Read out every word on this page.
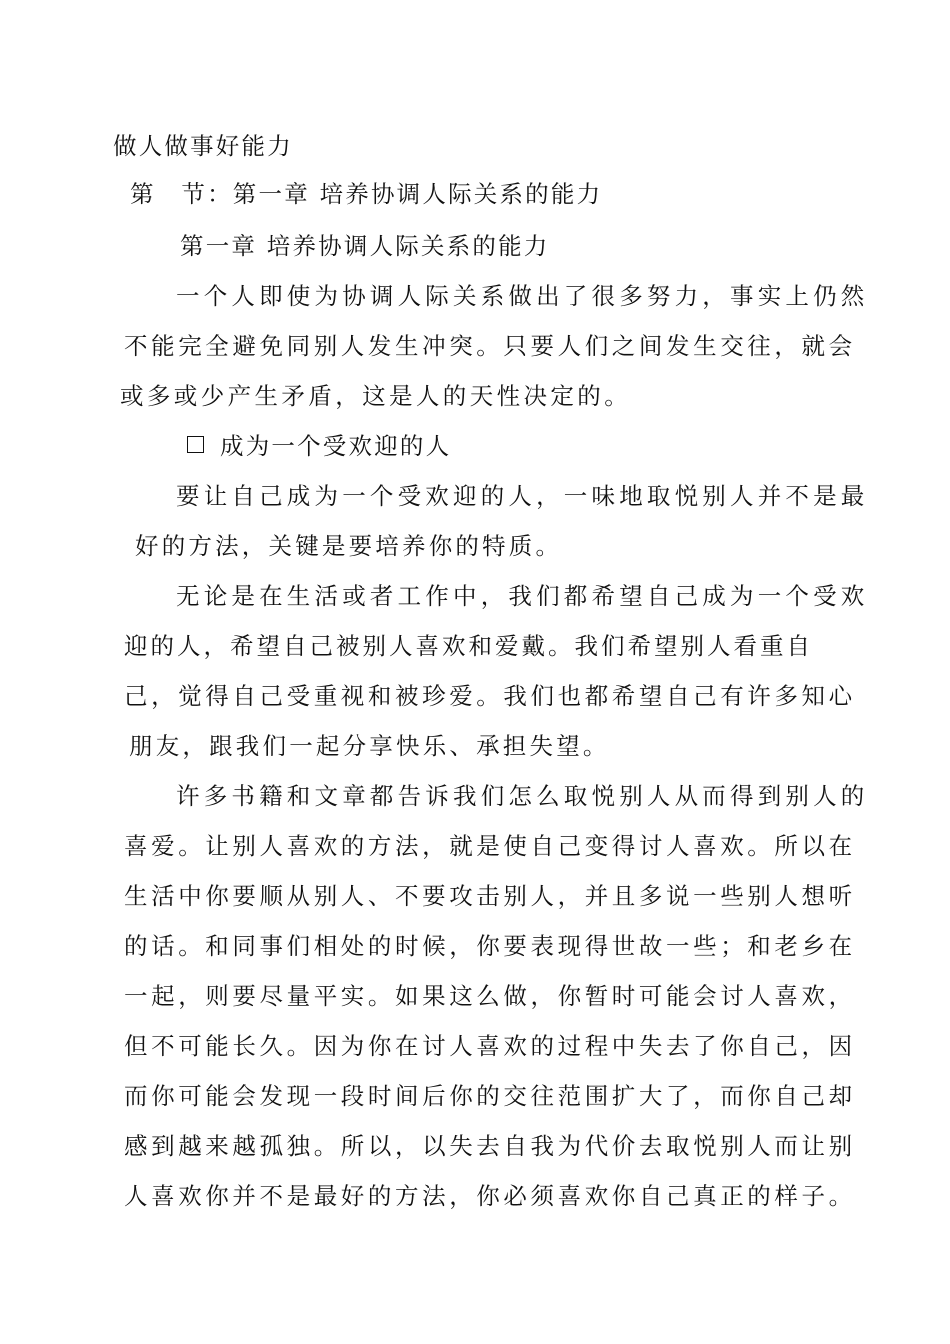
做人做事好能力
第　节：第一章 培养协调人际关系的能力
第一章 培养协调人际关系的能力
一个人即使为协调人际关系做出了很多努力，事实上仍然
不能完全避免同别人发生冲突。只要人们之间发生交往，就会
或多或少产生矛盾，这是人的天性决定的。
成为一个受欢迎的人
要让自己成为一个受欢迎的人，一味地取悦别人并不是最
好的方法，关键是要培养你的特质。
无论是在生活或者工作中，我们都希望自己成为一个受欢
迎的人，希望自己被别人喜欢和爱戴。我们希望别人看重自
己，觉得自己受重视和被珍爱。我们也都希望自己有许多知心
朋友，跟我们一起分享快乐、承担失望。
许多书籍和文章都告诉我们怎么取悦别人从而得到别人的
喜爱。让别人喜欢的方法，就是使自己变得讨人喜欢。所以在
生活中你要顺从别人、不要攻击别人，并且多说一些别人想听
的话。和同事们相处的时候，你要表现得世故一些；和老乡在
一起，则要尽量平实。如果这么做，你暂时可能会讨人喜欢，
但不可能长久。因为你在讨人喜欢的过程中失去了你自己，因
而你可能会发现一段时间后你的交往范围扩大了，而你自己却
感到越来越孤独。所以，以失去自我为代价去取悦别人而让别
人喜欢你并不是最好的方法，你必须喜欢你自己真正的样子。
